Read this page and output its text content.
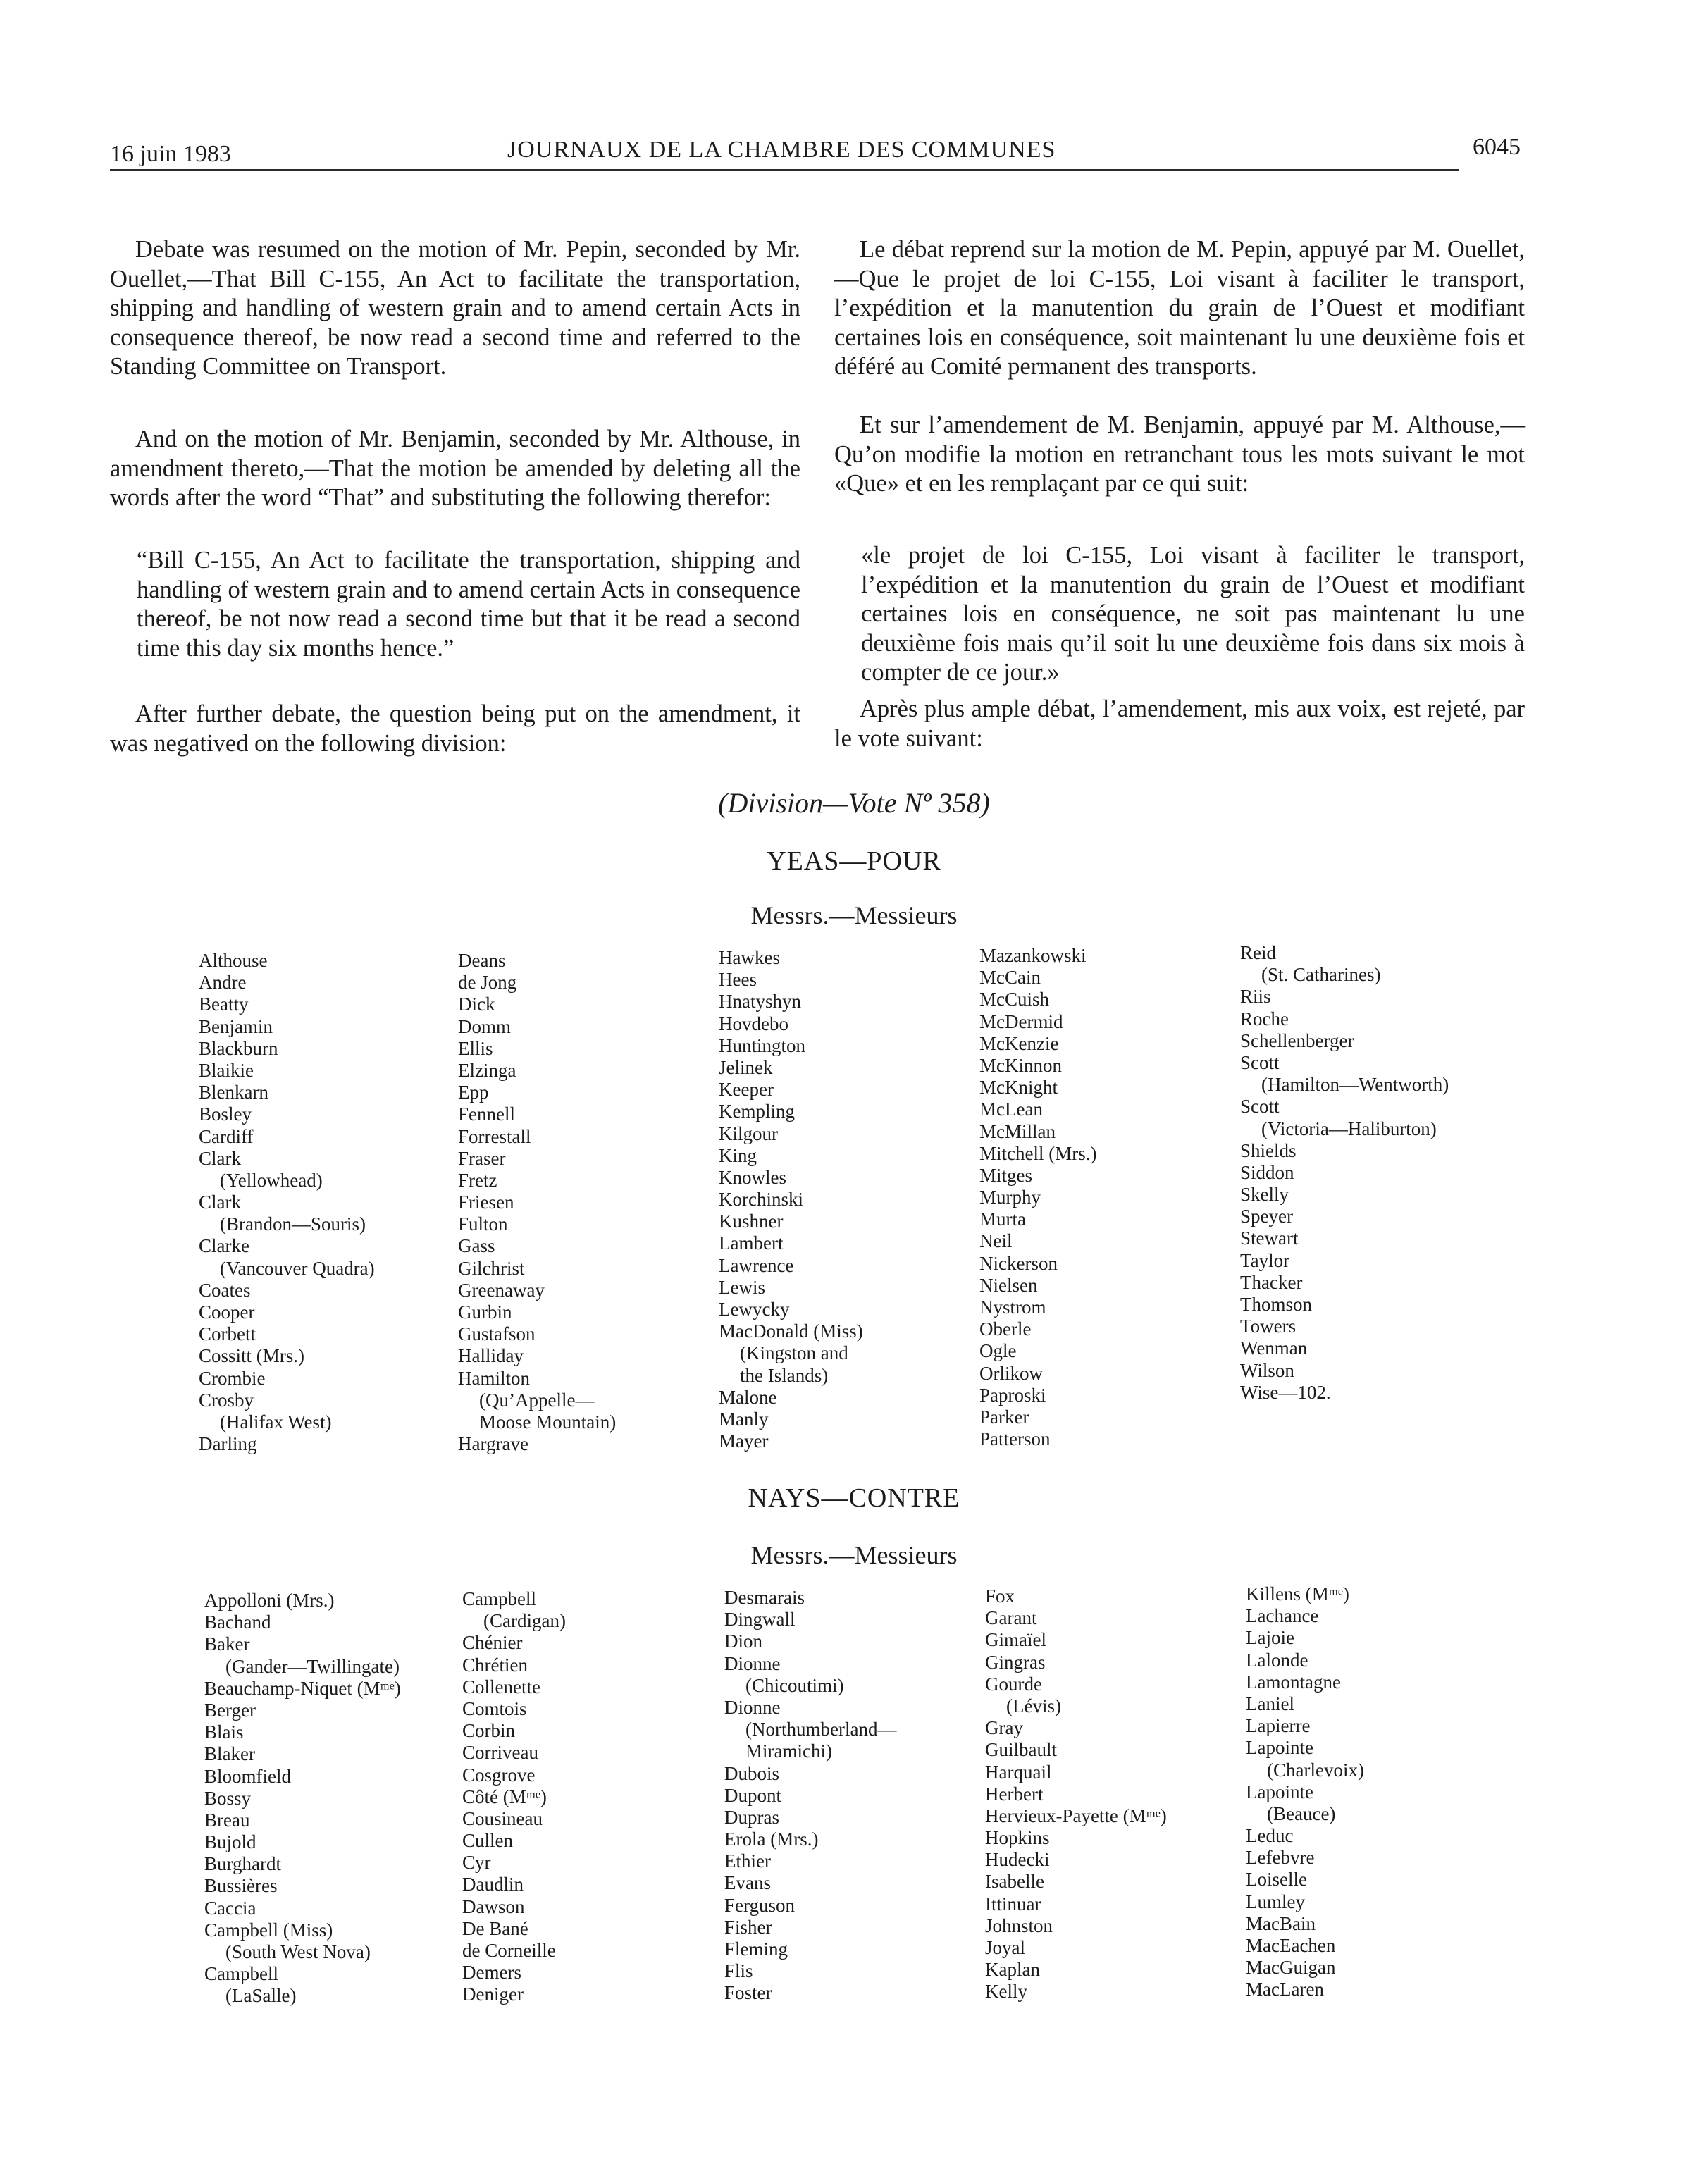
16 juin 1983	JOURNAUX DE LA CHAMBRE DES COMMUNES	6045

Debate was resumed on the motion of Mr. Pepin, seconded by Mr. Ouellet,—That Bill C-155, An Act to facilitate the transportation, shipping and handling of western grain and to amend certain Acts in consequence thereof, be now read a second time and referred to the Standing Committee on Transport.

And on the motion of Mr. Benjamin, seconded by Mr. Althouse, in amendment thereto,—That the motion be amended by deleting all the words after the word “That” and substituting the following therefor:

“Bill C-155, An Act to facilitate the transportation, shipping and handling of western grain and to amend certain Acts in consequence thereof, be not now read a second time but that it be read a second time this day six months hence.”

After further debate, the question being put on the amendment, it was negatived on the following division:

Le débat reprend sur la motion de M. Pepin, appuyé par M. Ouellet,—Que le projet de loi C-155, Loi visant à faciliter le transport, l’expédition et la manutention du grain de l’Ouest et modifiant certaines lois en conséquence, soit maintenant lu une deuxième fois et déféré au Comité permanent des transports.

Et sur l’amendement de M. Benjamin, appuyé par M. Althouse,—Qu’on modifie la motion en retranchant tous les mots suivant le mot «Que» et en les remplaçant par ce qui suit:

«le projet de loi C-155, Loi visant à faciliter le transport, l’expédition et la manutention du grain de l’Ouest et modifiant certaines lois en conséquence, ne soit pas maintenant lu une deuxième fois mais qu’il soit lu une deuxième fois dans six mois à compter de ce jour.»

Après plus ample débat, l’amendement, mis aux voix, est rejeté, par le vote suivant:

(Division—Vote Nº 358)
YEAS—POUR
Messrs.—Messieurs
Althouse
Andre
Beatty
Benjamin
Blackburn
Blaikie
Blenkarn
Bosley
Cardiff
Clark
(Yellowhead)
Clark
(Brandon—Souris)
Clarke
(Vancouver Quadra)
Coates
Cooper
Corbett
Cossitt (Mrs.)
Crombie
Crosby
(Halifax West)
Darling
Deans
de Jong
Dick
Domm
Ellis
Elzinga
Epp
Fennell
Forrestall
Fraser
Fretz
Friesen
Fulton
Gass
Gilchrist
Greenaway
Gurbin
Gustafson
Halliday
Hamilton
(Qu’Appelle—
Moose Mountain)
Hargrave
Hawkes
Hees
Hnatyshyn
Hovdebo
Huntington
Jelinek
Keeper
Kempling
Kilgour
King
Knowles
Korchinski
Kushner
Lambert
Lawrence
Lewis
Lewycky
MacDonald (Miss)
(Kingston and
the Islands)
Malone
Manly
Mayer
Mazankowski
McCain
McCuish
McDermid
McKenzie
McKinnon
McKnight
McLean
McMillan
Mitchell (Mrs.)
Mitges
Murphy
Murta
Neil
Nickerson
Nielsen
Nystrom
Oberle
Ogle
Orlikow
Paproski
Parker
Patterson
Reid
(St. Catharines)
Riis
Roche
Schellenberger
Scott
(Hamilton—Wentworth)
Scott
(Victoria—Haliburton)
Shields
Siddon
Skelly
Speyer
Stewart
Taylor
Thacker
Thomson
Towers
Wenman
Wilson
Wise—102.
NAYS—CONTRE
Messrs.—Messieurs
Appolloni (Mrs.)
Bachand
Baker
(Gander—Twillingate)
Beauchamp-Niquet (Mᵐᵉ)
Berger
Blais
Blaker
Bloomfield
Bossy
Breau
Bujold
Burghardt
Bussières
Caccia
Campbell (Miss)
(South West Nova)
Campbell
(LaSalle)
Campbell
(Cardigan)
Chénier
Chrétien
Collenette
Comtois
Corbin
Corriveau
Cosgrove
Côté (Mᵐᵉ)
Cousineau
Cullen
Cyr
Daudlin
Dawson
De Bané
de Corneille
Demers
Deniger
Desmarais
Dingwall
Dion
Dionne
(Chicoutimi)
Dionne
(Northumberland—
Miramichi)
Dubois
Dupont
Dupras
Erola (Mrs.)
Ethier
Evans
Ferguson
Fisher
Fleming
Flis
Foster
Fox
Garant
Gimaïel
Gingras
Gourde
(Lévis)
Gray
Guilbault
Harquail
Herbert
Hervieux-Payette (Mᵐᵉ)
Hopkins
Hudecki
Isabelle
Ittinuar
Johnston
Joyal
Kaplan
Kelly
Killens (Mᵐᵉ)
Lachance
Lajoie
Lalonde
Lamontagne
Laniel
Lapierre
Lapointe
(Charlevoix)
Lapointe
(Beauce)
Leduc
Lefebvre
Loiselle
Lumley
MacBain
MacEachen
MacGuigan
MacLaren
